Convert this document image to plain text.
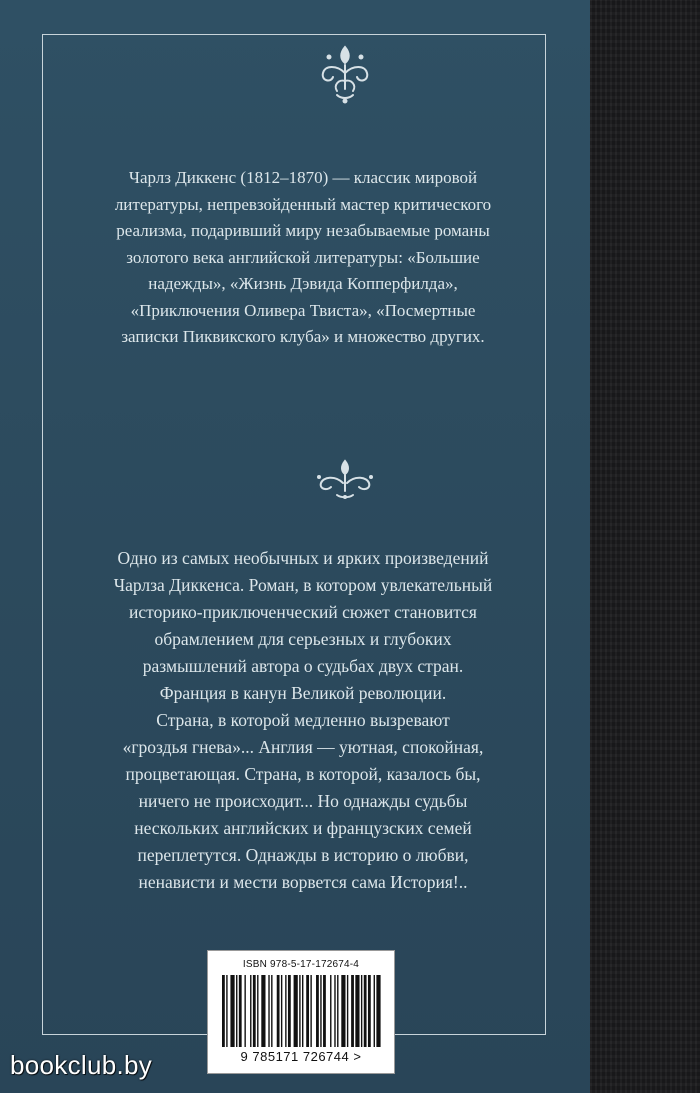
Чарлз Диккенс (1812–1870) — классик мировой

литературы, непревзойденный мастер критического

реализма, подаривший миру незабываемые романы

золотого века английской литературы: «Большие

надежды», «Жизнь Дэвида Копперфилда»,

«Приключения Оливера Твиста», «Посмертные

записки Пиквикского клуба» и множество других.

Одно из самых необычных и ярких произведений

Чарлза Диккенса. Роман, в котором увлекательный

историко-приключенческий сюжет становится

обрамлением для серьезных и глубоких

размышлений автора о судьбах двух стран.

Франция в канун Великой революции.

Страна, в которой медленно вызревают

«гроздья гнева»... Англия — уютная, спокойная,

процветающая. Страна, в которой, казалось бы,

ничего не происходит... Но однажды судьбы

нескольких английских и французских семей

переплетутся. Однажды в историю о любви,

ненависти и мести ворвется сама История!..

ISBN 978-5-17-172674-4
9 785171 726744 >
bookclub.by
